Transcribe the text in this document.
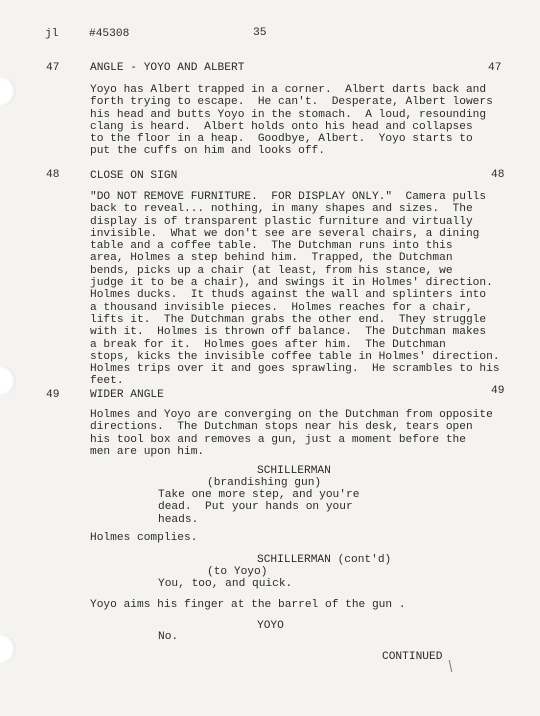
jl	#45308	35
47	ANGLE - YOYO AND ALBERT	47
Yoyo has Albert trapped in a corner.  Albert darts back and
forth trying to escape.  He can't.  Desperate, Albert lowers
his head and butts Yoyo in the stomach.  A loud, resounding
clang is heard.  Albert holds onto his head and collapses
to the floor in a heap.  Goodbye, Albert.  Yoyo starts to
put the cuffs on him and looks off.
48	CLOSE ON SIGN	48
"DO NOT REMOVE FURNITURE.  FOR DISPLAY ONLY."  Camera pulls
back to reveal... nothing, in many shapes and sizes.  The
display is of transparent plastic furniture and virtually
invisible.  What we don't see are several chairs, a dining
table and a coffee table.  The Dutchman runs into this
area, Holmes a step behind him.  Trapped, the Dutchman
bends, picks up a chair (at least, from his stance, we
judge it to be a chair), and swings it in Holmes' direction.
Holmes ducks.  It thuds against the wall and splinters into
a thousand invisible pieces.  Holmes reaches for a chair,
lifts it.  The Dutchman grabs the other end.  They struggle
with it.  Holmes is thrown off balance.  The Dutchman makes
a break for it.  Holmes goes after him.  The Dutchman
stops, kicks the invisible coffee table in Holmes' direction.
Holmes trips over it and goes sprawling.  He scrambles to his
feet.
49	WIDER ANGLE	49
Holmes and Yoyo are converging on the Dutchman from opposite
directions.  The Dutchman stops near his desk, tears open
his tool box and removes a gun, just a moment before the
men are upon him.
SCHILLERMAN
(brandishing gun)
Take one more step, and you're
dead.  Put your hands on your
heads.
Holmes complies.
SCHILLERMAN (cont'd)
(to Yoyo)
You, too, and quick.
Yoyo aims his finger at the barrel of the gun .
YOYO
No.
CONTINUED
